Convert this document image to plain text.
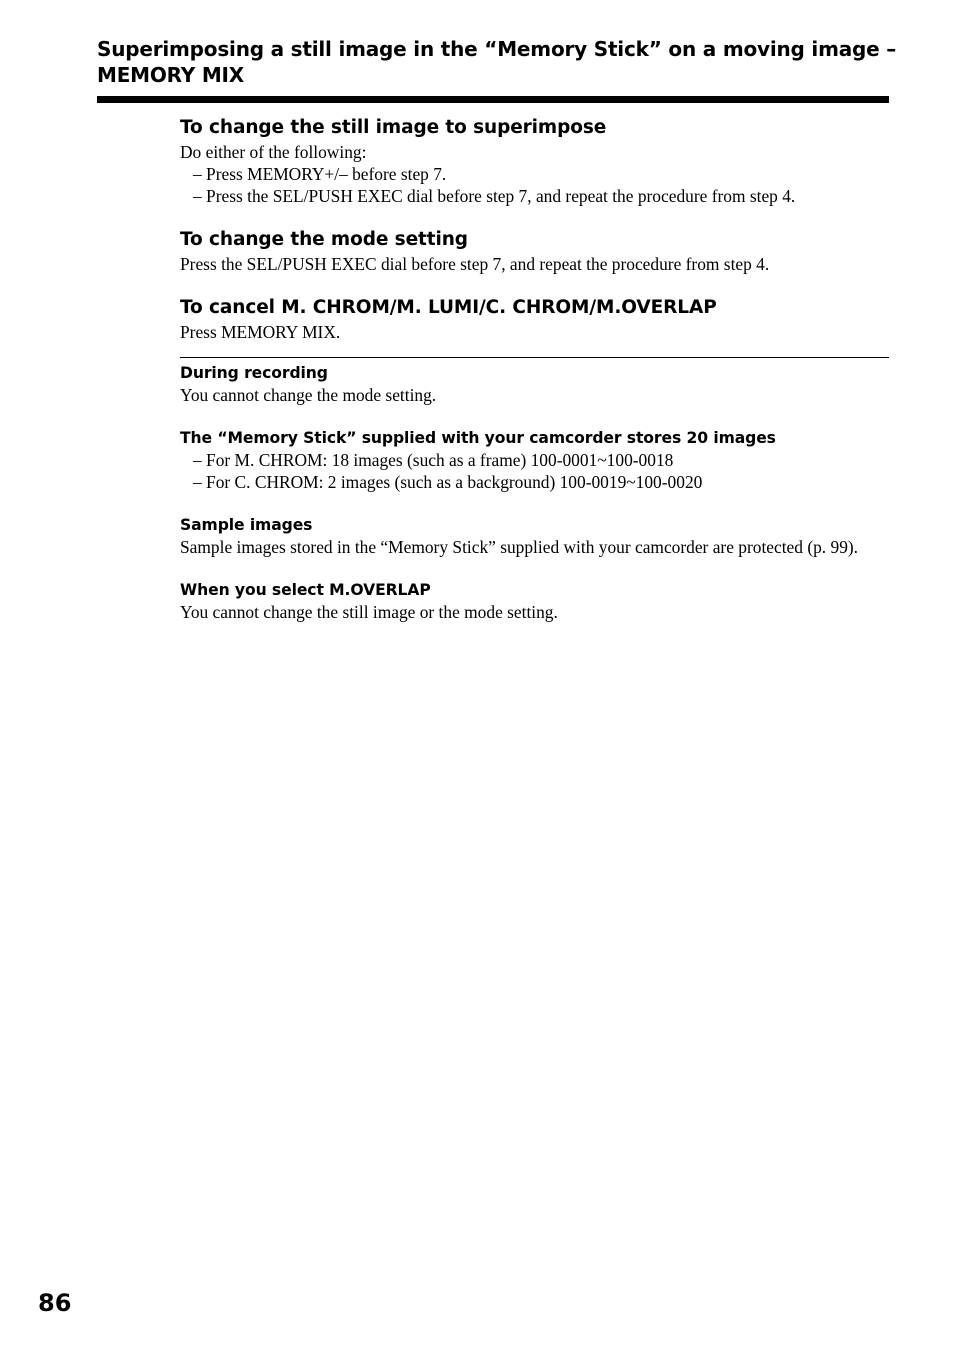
Superimposing a still image in the “Memory Stick” on a moving image – MEMORY MIX
To change the still image to superimpose

Do either of the following:

– Press MEMORY+/– before step 7.

– Press the SEL/PUSH EXEC dial before step 7, and repeat the procedure from step 4.

To change the mode setting

Press the SEL/PUSH EXEC dial before step 7, and repeat the procedure from step 4.

To cancel M. CHROM/M. LUMI/C. CHROM/M.OVERLAP

Press MEMORY MIX.

During recording

You cannot change the mode setting.

The “Memory Stick” supplied with your camcorder stores 20 images

– For M. CHROM: 18 images (such as a frame) 100-0001~100-0018

– For C. CHROM: 2 images (such as a background) 100-0019~100-0020

Sample images

Sample images stored in the “Memory Stick” supplied with your camcorder are protected (p. 99).

When you select M.OVERLAP

You cannot change the still image or the mode setting.

86
